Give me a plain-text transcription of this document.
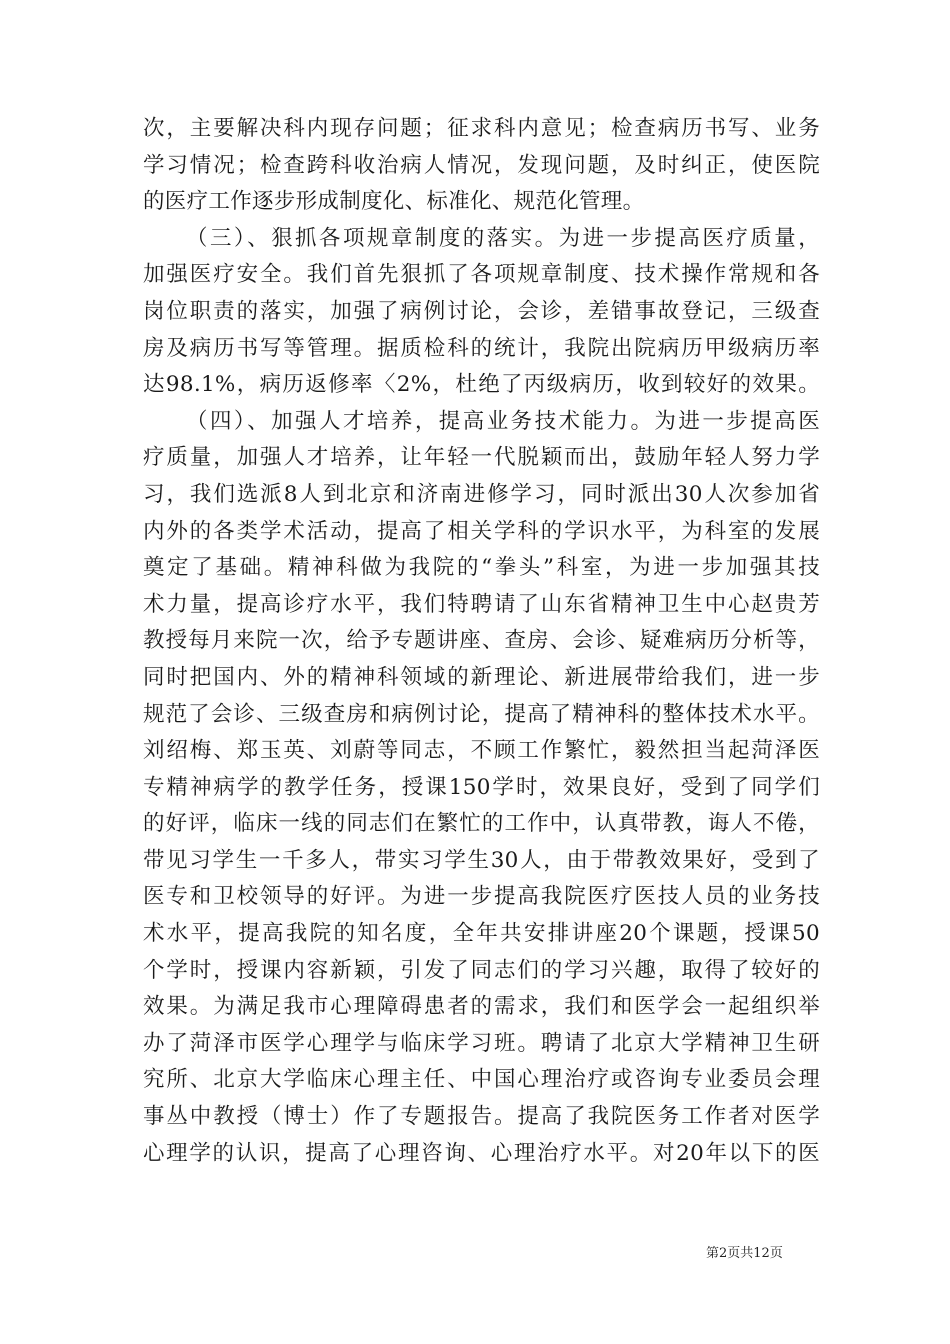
次，主要解决科内现存问题；征求科内意见；检查病历书写、业务
学习情况；检查跨科收治病人情况，发现问题，及时纠正，使医院
的医疗工作逐步形成制度化、标准化、规范化管理。
（三）、狠抓各项规章制度的落实。为进一步提高医疗质量，
加强医疗安全。我们首先狠抓了各项规章制度、技术操作常规和各
岗位职责的落实，加强了病例讨论，会诊，差错事故登记，三级查
房及病历书写等管理。据质检科的统计，我院出院病历甲级病历率
达98.1%，病历返修率〈2%，杜绝了丙级病历，收到较好的效果。
（四）、加强人才培养，提高业务技术能力。为进一步提高医
疗质量，加强人才培养，让年轻一代脱颖而出，鼓励年轻人努力学
习，我们选派8人到北京和济南进修学习，同时派出30人次参加省
内外的各类学术活动，提高了相关学科的学识水平，为科室的发展
奠定了基础。精神科做为我院的“拳头”科室，为进一步加强其技
术力量，提高诊疗水平，我们特聘请了山东省精神卫生中心赵贵芳
教授每月来院一次，给予专题讲座、查房、会诊、疑难病历分析等，
同时把国内、外的精神科领域的新理论、新进展带给我们，进一步
规范了会诊、三级查房和病例讨论，提高了精神科的整体技术水平。
刘绍梅、郑玉英、刘蔚等同志，不顾工作繁忙，毅然担当起菏泽医
专精神病学的教学任务，授课150学时，效果良好，受到了同学们
的好评，临床一线的同志们在繁忙的工作中，认真带教，诲人不倦，
带见习学生一千多人，带实习学生30人，由于带教效果好，受到了
医专和卫校领导的好评。为进一步提高我院医疗医技人员的业务技
术水平，提高我院的知名度，全年共安排讲座20个课题，授课50
个学时，授课内容新颖，引发了同志们的学习兴趣，取得了较好的
效果。为满足我市心理障碍患者的需求，我们和医学会一起组织举
办了菏泽市医学心理学与临床学习班。聘请了北京大学精神卫生研
究所、北京大学临床心理主任、中国心理治疗或咨询专业委员会理
事丛中教授（博士）作了专题报告。提高了我院医务工作者对医学
心理学的认识，提高了心理咨询、心理治疗水平。对20年以下的医
第2页共12页
